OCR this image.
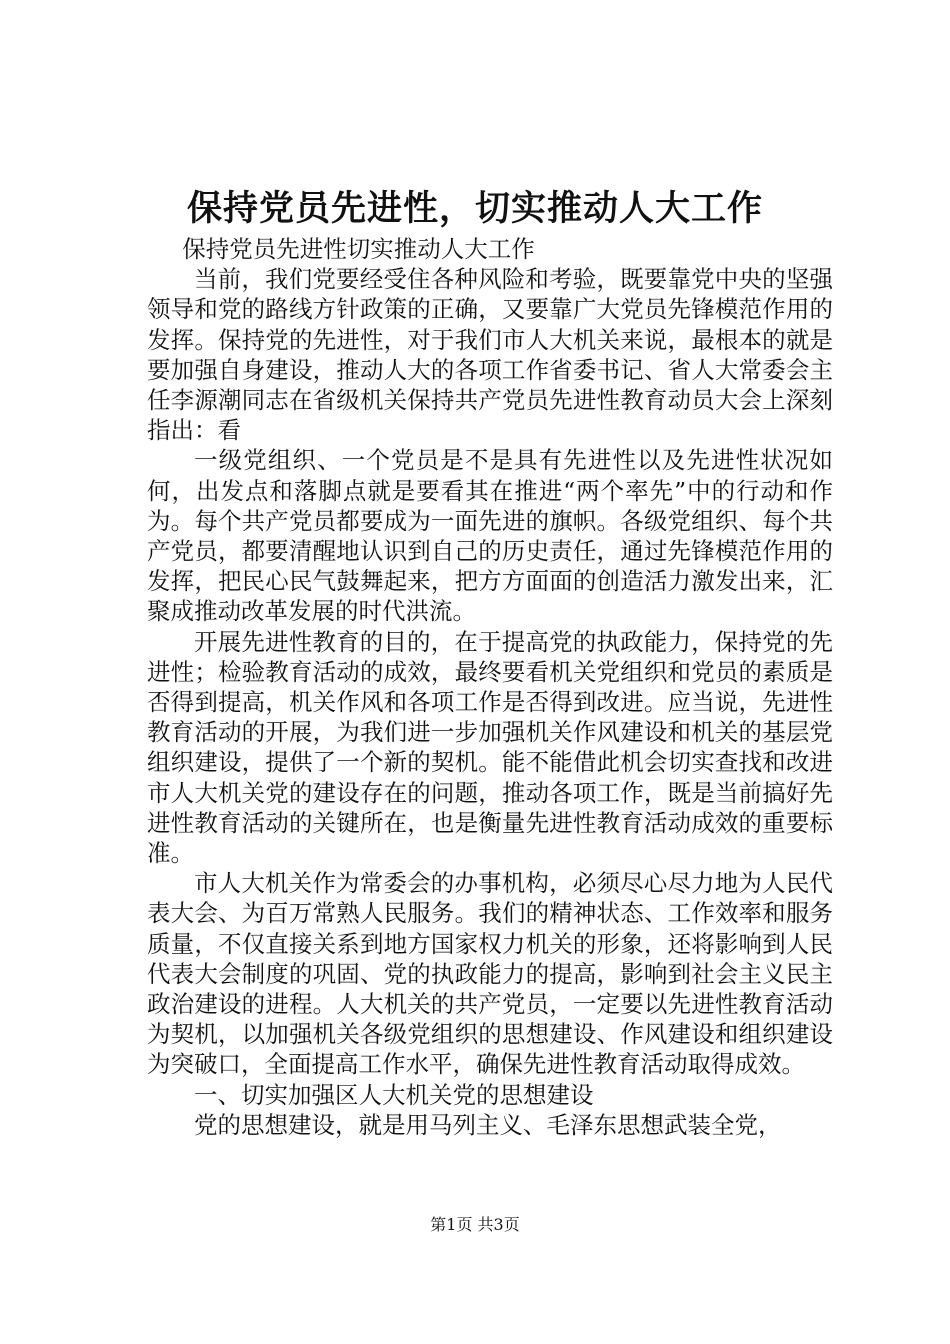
保持党员先进性，切实推动人大工作

保持党员先进性切实推动人大工作

当前，我们党要经受住各种风险和考验，既要靠党中央的坚强领导和党的路线方针政策的正确，又要靠广大党员先锋模范作用的发挥。保持党的先进性，对于我们市人大机关来说，最根本的就是要加强自身建设，推动人大的各项工作省委书记、省人大常委会主任李源潮同志在省级机关保持共产党员先进性教育动员大会上深刻指出：看

一级党组织、一个党员是不是具有先进性以及先进性状况如何，出发点和落脚点就是要看其在推进“两个率先”中的行动和作为。每个共产党员都要成为一面先进的旗帜。各级党组织、每个共产党员，都要清醒地认识到自己的历史责任，通过先锋模范作用的发挥，把民心民气鼓舞起来，把方方面面的创造活力激发出来，汇聚成推动改革发展的时代洪流。

开展先进性教育的目的，在于提高党的执政能力，保持党的先进性；检验教育活动的成效，最终要看机关党组织和党员的素质是否得到提高，机关作风和各项工作是否得到改进。应当说，先进性教育活动的开展，为我们进一步加强机关作风建设和机关的基层党组织建设，提供了一个新的契机。能不能借此机会切实查找和改进市人大机关党的建设存在的问题，推动各项工作，既是当前搞好先进性教育活动的关键所在，也是衡量先进性教育活动成效的重要标准。

市人大机关作为常委会的办事机构，必须尽心尽力地为人民代表大会、为百万常熟人民服务。我们的精神状态、工作效率和服务质量，不仅直接关系到地方国家权力机关的形象，还将影响到人民代表大会制度的巩固、党的执政能力的提高，影响到社会主义民主政治建设的进程。人大机关的共产党员，一定要以先进性教育活动为契机，以加强机关各级党组织的思想建设、作风建设和组织建设为突破口，全面提高工作水平，确保先进性教育活动取得成效。

一、切实加强区人大机关党的思想建设

党的思想建设，就是用马列主义、毛泽东思想武装全党，

第1页 共3页
